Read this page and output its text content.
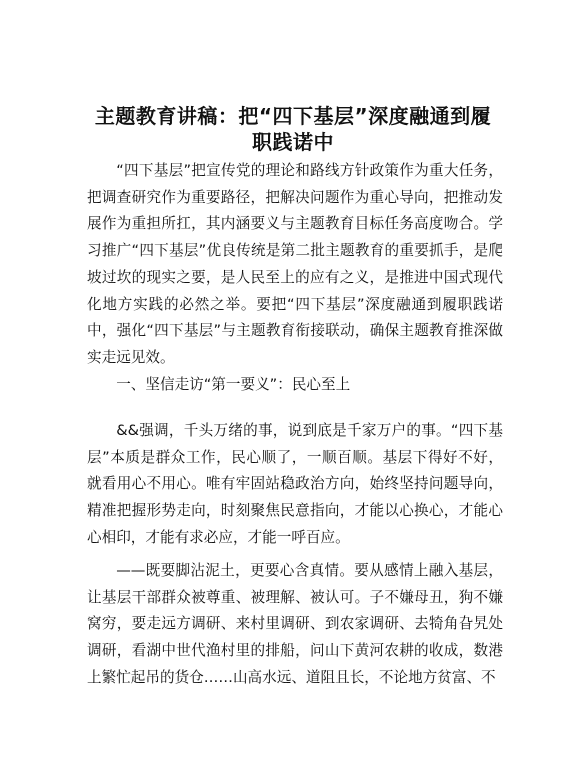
主题教育讲稿：把“四下基层”深度融通到履
职践诺中

“四下基层”把宣传党的理论和路线方针政策作为重大任务，把调查研究作为重要路径，把解决问题作为重心导向，把推动发展作为重担所扛，其内涵要义与主题教育目标任务高度吻合。学习推广“四下基层”优良传统是第二批主题教育的重要抓手，是爬坡过坎的现实之要，是人民至上的应有之义，是推进中国式现代化地方实践的必然之举。要把“四下基层”深度融通到履职践诺中，强化“四下基层”与主题教育衔接联动，确保主题教育推深做实走远见效。

一、坚信走访“第一要义”：民心至上

&&强调，千头万绪的事，说到底是千家万户的事。“四下基层”本质是群众工作，民心顺了，一顺百顺。基层下得好不好，就看用心不用心。唯有牢固站稳政治方向，始终坚持问题导向，精准把握形势走向，时刻聚焦民意指向，才能以心换心，才能心心相印，才能有求必应，才能一呼百应。

——既要脚沾泥土，更要心含真情。要从感情上融入基层，让基层干部群众被尊重、被理解、被认可。子不嫌母丑，狗不嫌窝穷，要走远方调研、来村里调研、到农家调研、去犄角旮旯处调研，看湖中世代渔村里的排船，问山下黄河农耕的收成，数港上繁忙起吊的货仓……山高水远、道阻且长，不论地方贫富、不
